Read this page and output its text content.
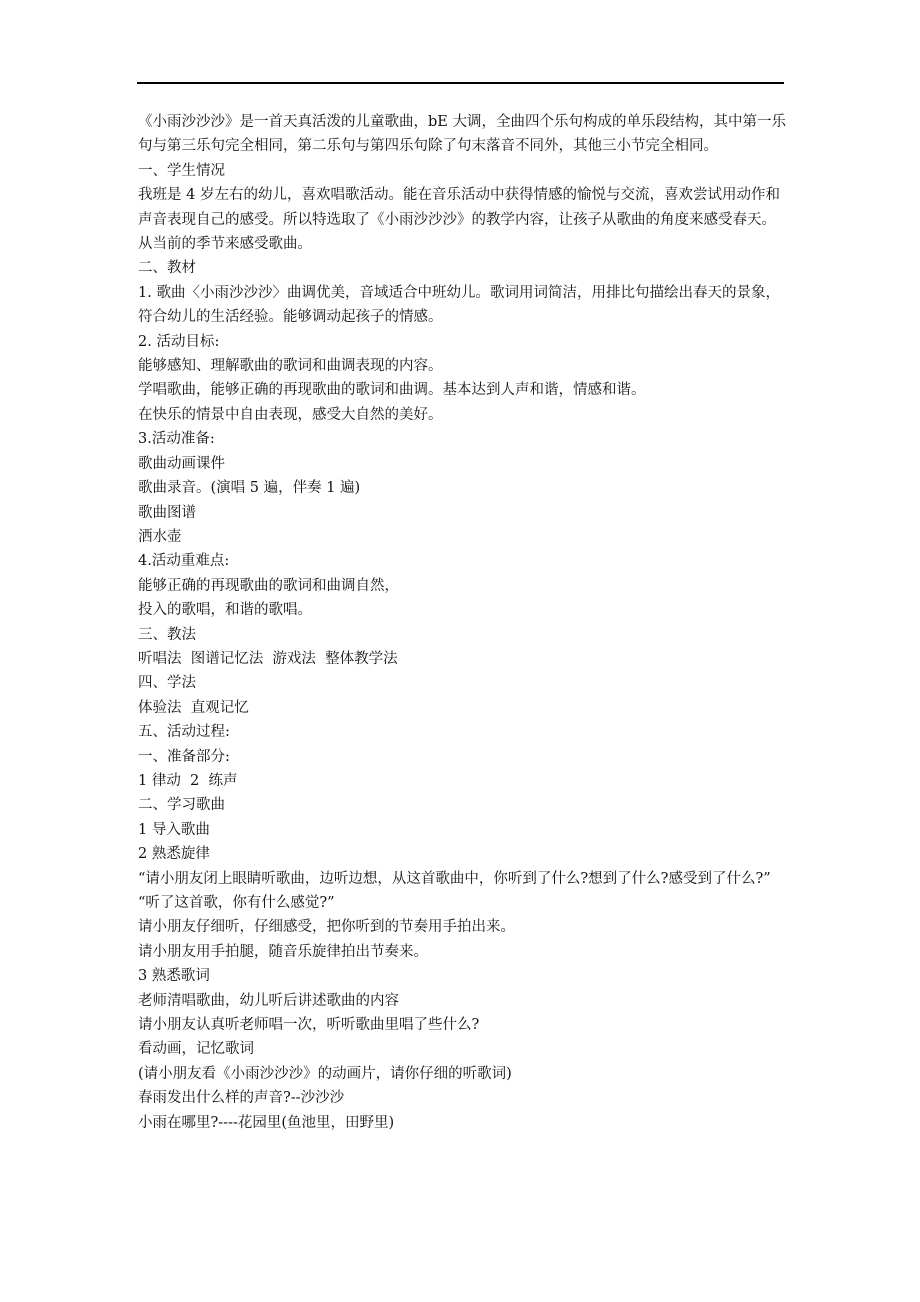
《小雨沙沙沙》是一首天真活泼的儿童歌曲，bE 大调，全曲四个乐句构成的单乐段结构，其中第一乐句与第三乐句完全相同，第二乐句与第四乐句除了句末落音不同外，其他三小节完全相同。

一、学生情况

我班是 4 岁左右的幼儿，喜欢唱歌活动。能在音乐活动中获得情感的愉悦与交流，喜欢尝试用动作和声音表现自己的感受。所以特选取了《小雨沙沙沙》的教学内容，让孩子从歌曲的角度来感受春天。从当前的季节来感受歌曲。

二、教材

1. 歌曲〈小雨沙沙沙〉曲调优美，音域适合中班幼儿。歌词用词简洁，用排比句描绘出春天的景象，符合幼儿的生活经验。能够调动起孩子的情感。

2. 活动目标:

能够感知、理解歌曲的歌词和曲调表现的内容。

学唱歌曲，能够正确的再现歌曲的歌词和曲调。基本达到人声和谐，情感和谐。

在快乐的情景中自由表现，感受大自然的美好。

3.活动准备:

歌曲动画课件

歌曲录音。(演唱 5 遍，伴奏 1 遍)

歌曲图谱

洒水壶

4.活动重难点:

能够正确的再现歌曲的歌词和曲调自然，

投入的歌唱，和谐的歌唱。

三、教法

听唱法  图谱记忆法  游戏法  整体教学法

四、学法

体验法  直观记忆

五、活动过程:

一、准备部分:

1 律动  2  练声

二、学习歌曲

1 导入歌曲

2 熟悉旋律

“请小朋友闭上眼睛听歌曲，边听边想，从这首歌曲中，你听到了什么?想到了什么?感受到了什么?”

“听了这首歌，你有什么感觉?”

请小朋友仔细听，仔细感受，把你听到的节奏用手拍出来。

请小朋友用手拍腿，随音乐旋律拍出节奏来。

3 熟悉歌词

老师清唱歌曲，幼儿听后讲述歌曲的内容

请小朋友认真听老师唱一次，听听歌曲里唱了些什么?

看动画，记忆歌词

(请小朋友看《小雨沙沙沙》的动画片，请你仔细的听歌词)

春雨发出什么样的声音?--沙沙沙

小雨在哪里?----花园里(鱼池里，田野里)
